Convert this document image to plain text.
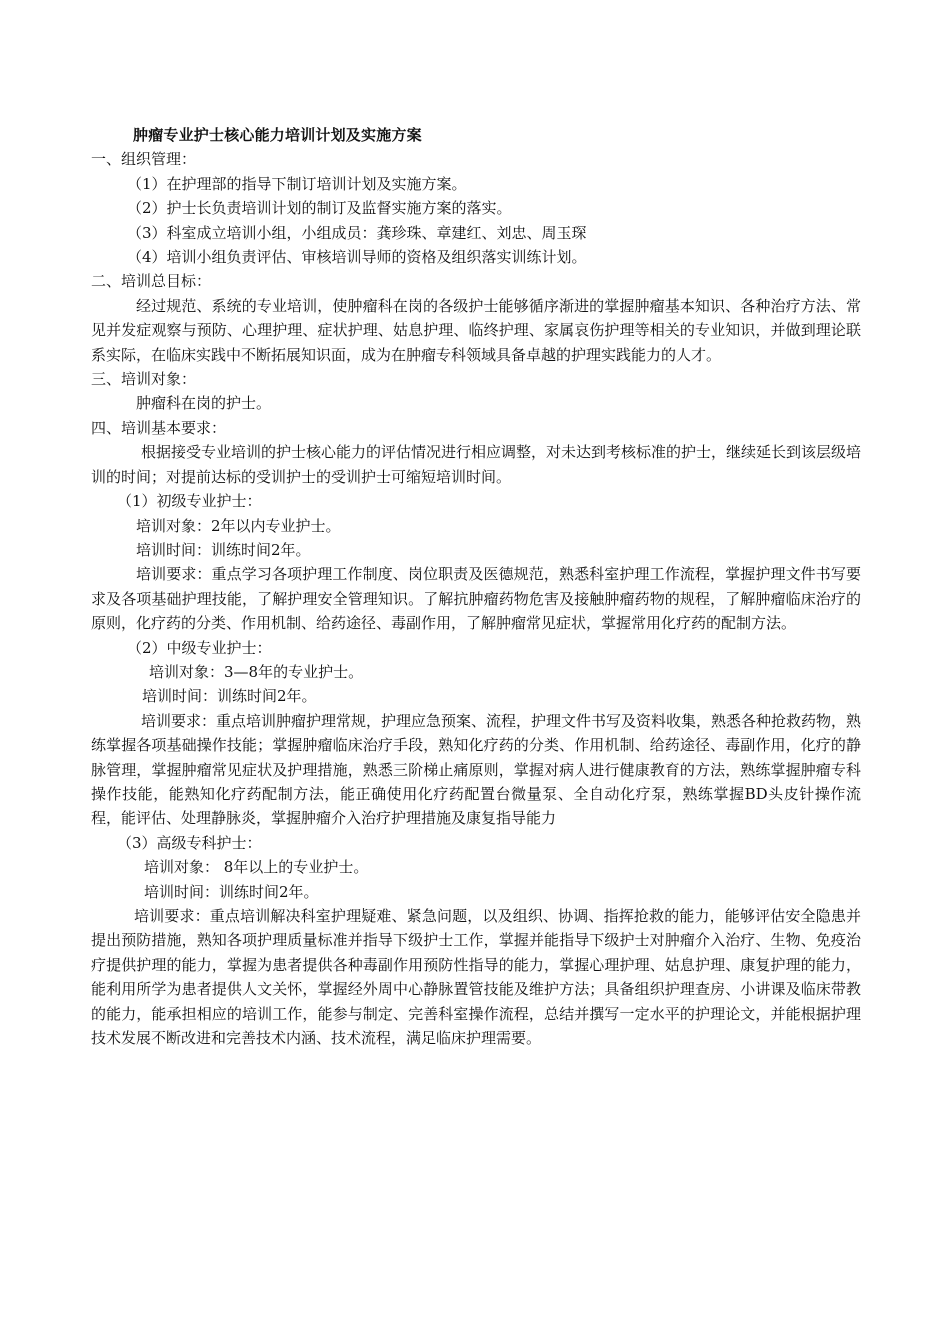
肿瘤专业护士核心能力培训计划及实施方案

一、组织管理：

（1）在护理部的指导下制订培训计划及实施方案。

（2）护士长负责培训计划的制订及监督实施方案的落实。

（3）科室成立培训小组，小组成员：龚珍珠、章建红、刘忠、周玉琛

（4）培训小组负责评估、审核培训导师的资格及组织落实训练计划。

二、培训总目标：

经过规范、系统的专业培训，使肿瘤科在岗的各级护士能够循序渐进的掌握肿瘤基本知识、各种治疗方法、常见并发症观察与预防、心理护理、症状护理、姑息护理、临终护理、家属哀伤护理等相关的专业知识，并做到理论联系实际，在临床实践中不断拓展知识面，成为在肿瘤专科领域具备卓越的护理实践能力的人才。

三、培训对象：

肿瘤科在岗的护士。

四、培训基本要求：

根据接受专业培训的护士核心能力的评估情况进行相应调整，对未达到考核标准的护士，继续延长到该层级培训的时间；对提前达标的受训护士的受训护士可缩短培训时间。

（1）初级专业护士：

培训对象：2年以内专业护士。

培训时间：训练时间2年。

培训要求：重点学习各项护理工作制度、岗位职责及医德规范，熟悉科室护理工作流程，掌握护理文件书写要求及各项基础护理技能，了解护理安全管理知识。了解抗肿瘤药物危害及接触肿瘤药物的规程，了解肿瘤临床治疗的原则，化疗药的分类、作用机制、给药途径、毒副作用，了解肿瘤常见症状，掌握常用化疗药的配制方法。

（2）中级专业护士：

培训对象：3—8年的专业护士。

培训时间：训练时间2年。

培训要求：重点培训肿瘤护理常规，护理应急预案、流程，护理文件书写及资料收集，熟悉各种抢救药物，熟练掌握各项基础操作技能；掌握肿瘤临床治疗手段，熟知化疗药的分类、作用机制、给药途径、毒副作用，化疗的静脉管理，掌握肿瘤常见症状及护理措施，熟悉三阶梯止痛原则，掌握对病人进行健康教育的方法，熟练掌握肿瘤专科操作技能，能熟知化疗药配制方法，能正确使用化疗药配置台微量泵、全自动化疗泵，熟练掌握BD头皮针操作流程，能评估、处理静脉炎，掌握肿瘤介入治疗护理措施及康复指导能力

（3）高级专科护士：

培训对象： 8年以上的专业护士。

培训时间：训练时间2年。

培训要求：重点培训解决科室护理疑难、紧急问题，以及组织、协调、指挥抢救的能力，能够评估安全隐患并提出预防措施，熟知各项护理质量标准并指导下级护士工作，掌握并能指导下级护士对肿瘤介入治疗、生物、免疫治疗提供护理的能力，掌握为患者提供各种毒副作用预防性指导的能力，掌握心理护理、姑息护理、康复护理的能力，能利用所学为患者提供人文关怀，掌握经外周中心静脉置管技能及维护方法；具备组织护理查房、小讲课及临床带教的能力，能承担相应的培训工作，能参与制定、完善科室操作流程，总结并撰写一定水平的护理论文，并能根据护理技术发展不断改进和完善技术内涵、技术流程，满足临床护理需要。
